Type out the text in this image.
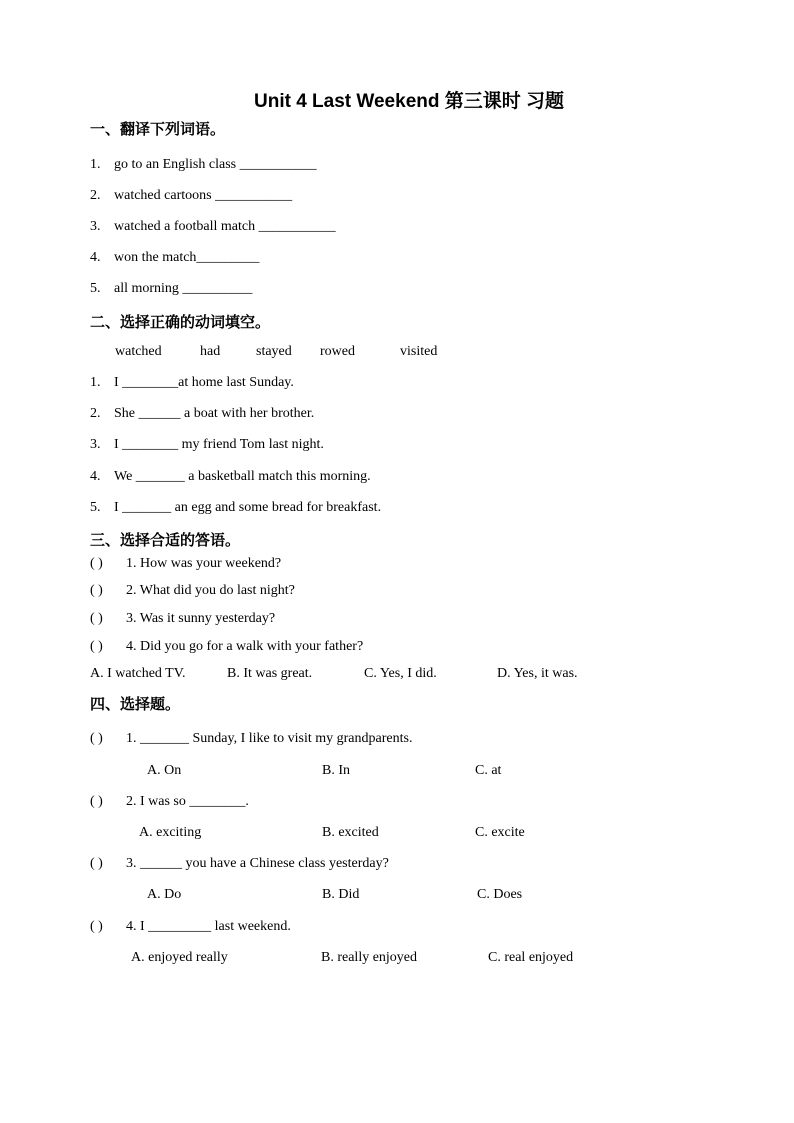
Unit 4 Last Weekend 第三课时 习题
一、翻译下列词语。
1. go to an English class ___________
2. watched cartoons ___________
3. watched a football match ___________
4. won the match_________
5. all morning __________
二、选择正确的动词填空。
watched	had	stayed rowed	visited
1. I ________at home last Sunday.
2. She ______ a boat with her brother.
3. I ________ my friend Tom last night.
4. We _______ a basketball match this morning.
5. I _______ an egg and some bread for breakfast.
三、选择合适的答语。
( ) 1. How was your weekend?
( ) 2. What did you do last night?
( ) 3. Was it sunny yesterday?
( ) 4. Did you go for a walk with your father?
A. I watched TV.	B. It was great.	C. Yes, I did.	D. Yes, it was.
四、选择题。
( ) 1. _______ Sunday, I like to visit my grandparents.
A. On	B. In	C. at
( ) 2. I was so ________.
A. exciting	B. excited	C. excite
( ) 3. ______ you have a Chinese class yesterday?
A. Do	B. Did	C. Does
( ) 4. I _________ last weekend.
A. enjoyed really	B. really enjoyed	C. real enjoyed
